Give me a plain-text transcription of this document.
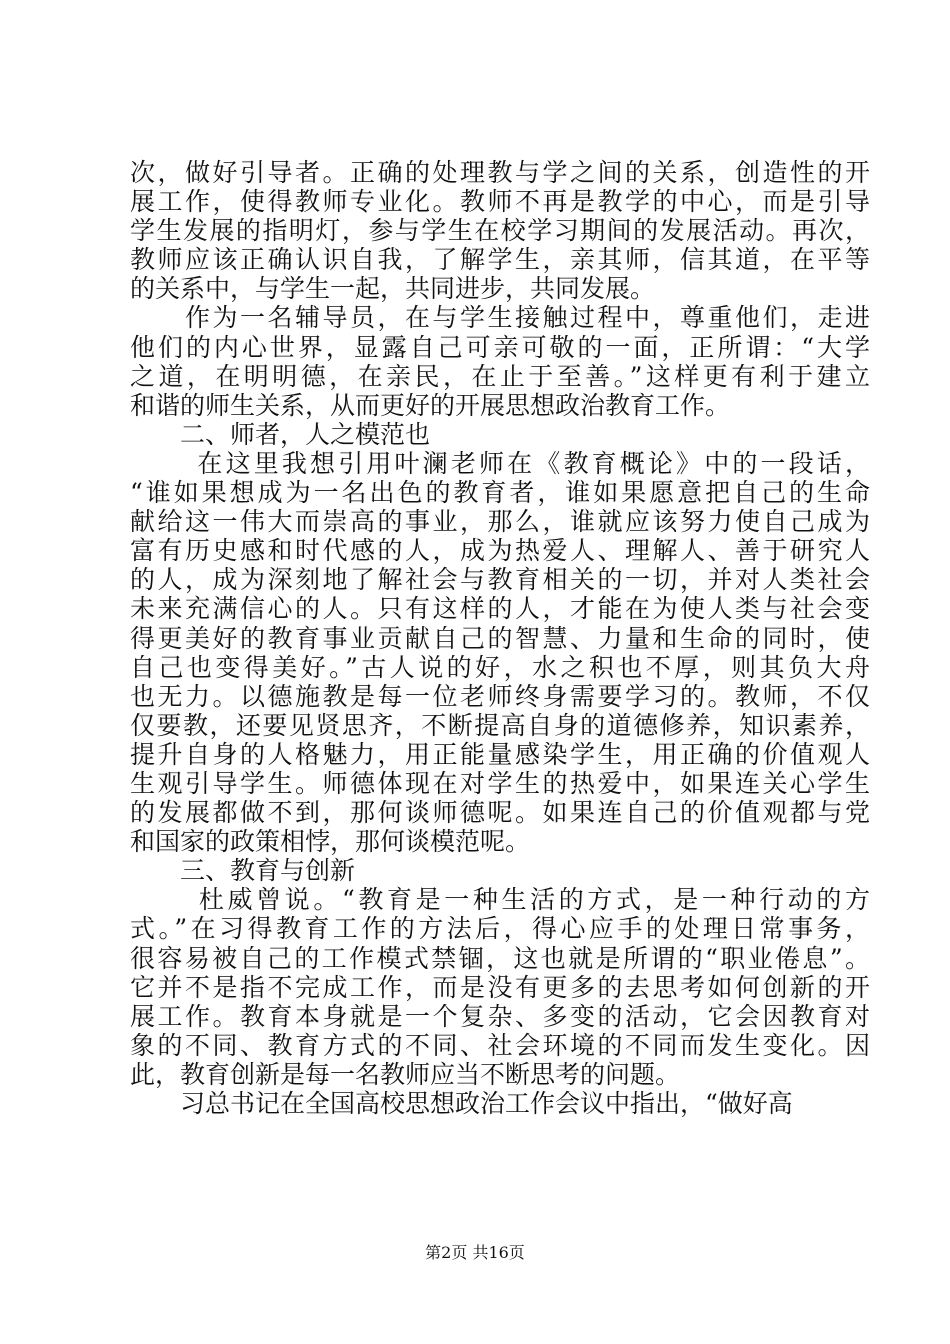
次，做好引导者。正确的处理教与学之间的关系，创造性的开
展工作，使得教师专业化。教师不再是教学的中心，而是引导
学生发展的指明灯，参与学生在校学习期间的发展活动。再次，
教师应该正确认识自我，了解学生，亲其师，信其道，在平等
的关系中，与学生一起，共同进步，共同发展。
　　作为一名辅导员，在与学生接触过程中，尊重他们，走进
他们的内心世界，显露自己可亲可敬的一面，正所谓：“大学
之道，在明明德，在亲民，在止于至善。”这样更有利于建立
和谐的师生关系，从而更好的开展思想政治教育工作。
　　二、师者，人之模范也
　　 在这里我想引用叶澜老师在《教育概论》中的一段话，
“谁如果想成为一名出色的教育者，谁如果愿意把自己的生命
献给这一伟大而崇高的事业，那么，谁就应该努力使自己成为
富有历史感和时代感的人，成为热爱人、理解人、善于研究人
的人，成为深刻地了解社会与教育相关的一切，并对人类社会
未来充满信心的人。只有这样的人，才能在为使人类与社会变
得更美好的教育事业贡献自己的智慧、力量和生命的同时，使
自己也变得美好。”古人说的好，水之积也不厚，则其负大舟
也无力。以德施教是每一位老师终身需要学习的。教师，不仅
仅要教，还要见贤思齐，不断提高自身的道德修养，知识素养，
提升自身的人格魅力，用正能量感染学生，用正确的价值观人
生观引导学生。师德体现在对学生的热爱中，如果连关心学生
的发展都做不到，那何谈师德呢。如果连自己的价值观都与党
和国家的政策相悖，那何谈模范呢。
　　三、教育与创新
　　 杜威曾说。“教育是一种生活的方式，是一种行动的方
式。”在习得教育工作的方法后，得心应手的处理日常事务，
很容易被自己的工作模式禁锢，这也就是所谓的“职业倦息”。
它并不是指不完成工作，而是没有更多的去思考如何创新的开
展工作。教育本身就是一个复杂、多变的活动，它会因教育对
象的不同、教育方式的不同、社会环境的不同而发生变化。因
此，教育创新是每一名教师应当不断思考的问题。
　　习总书记在全国高校思想政治工作会议中指出，“做好高
第2页 共16页
